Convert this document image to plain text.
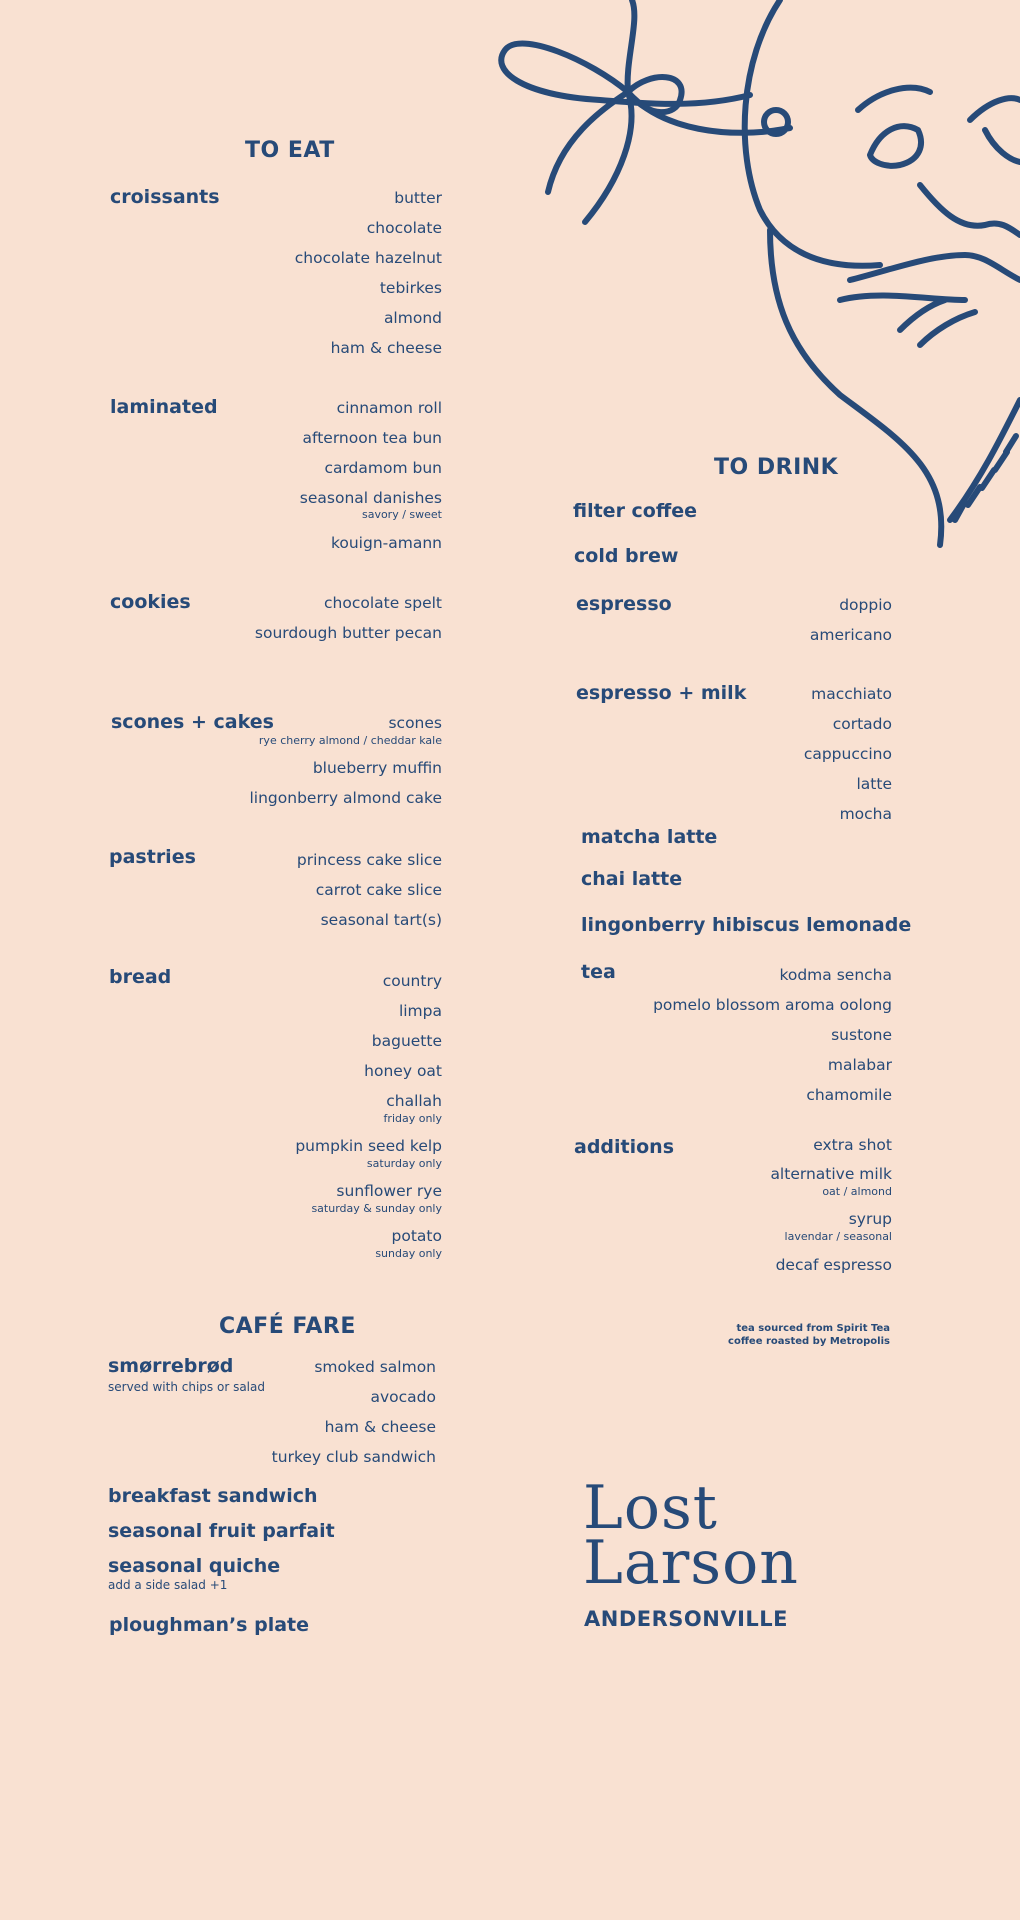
TO EAT
croissants	butter
chocolate
chocolate hazelnut
tebirkes
almond
ham & cheese
laminated	cinnamon roll
afternoon tea bun
cardamom bun
seasonal danishes
savory / sweet
kouign-amann
cookies	chocolate spelt
sourdough butter pecan
scones + cakes	scones
rye cherry almond / cheddar kale
blueberry muffin
lingonberry almond cake
pastries	princess cake slice
carrot cake slice
seasonal tart(s)
bread	country
limpa
baguette
honey oat
challah
friday only
pumpkin seed kelp
saturday only
sunflower rye
saturday & sunday only
potato
sunday only
CAFÉ FARE
smørrebrød
served with chips or salad
smoked salmon
avocado
ham & cheese
turkey club sandwich
breakfast sandwich
seasonal fruit parfait
seasonal quiche
add a side salad +1
ploughman’s plate
TO DRINK
filter coffee
cold brew
espresso	doppio
americano
espresso + milk	macchiato
cortado
cappuccino
latte
mocha
matcha latte
chai latte
lingonberry hibiscus lemonade
tea	kodma sencha
pomelo blossom aroma oolong
sustone
malabar
chamomile
additions	extra shot
alternative milk
oat / almond
syrup
lavendar / seasonal
decaf espresso
tea sourced from Spirit Tea
coffee roasted by Metropolis
Lost
Larson
ANDERSONVILLE
